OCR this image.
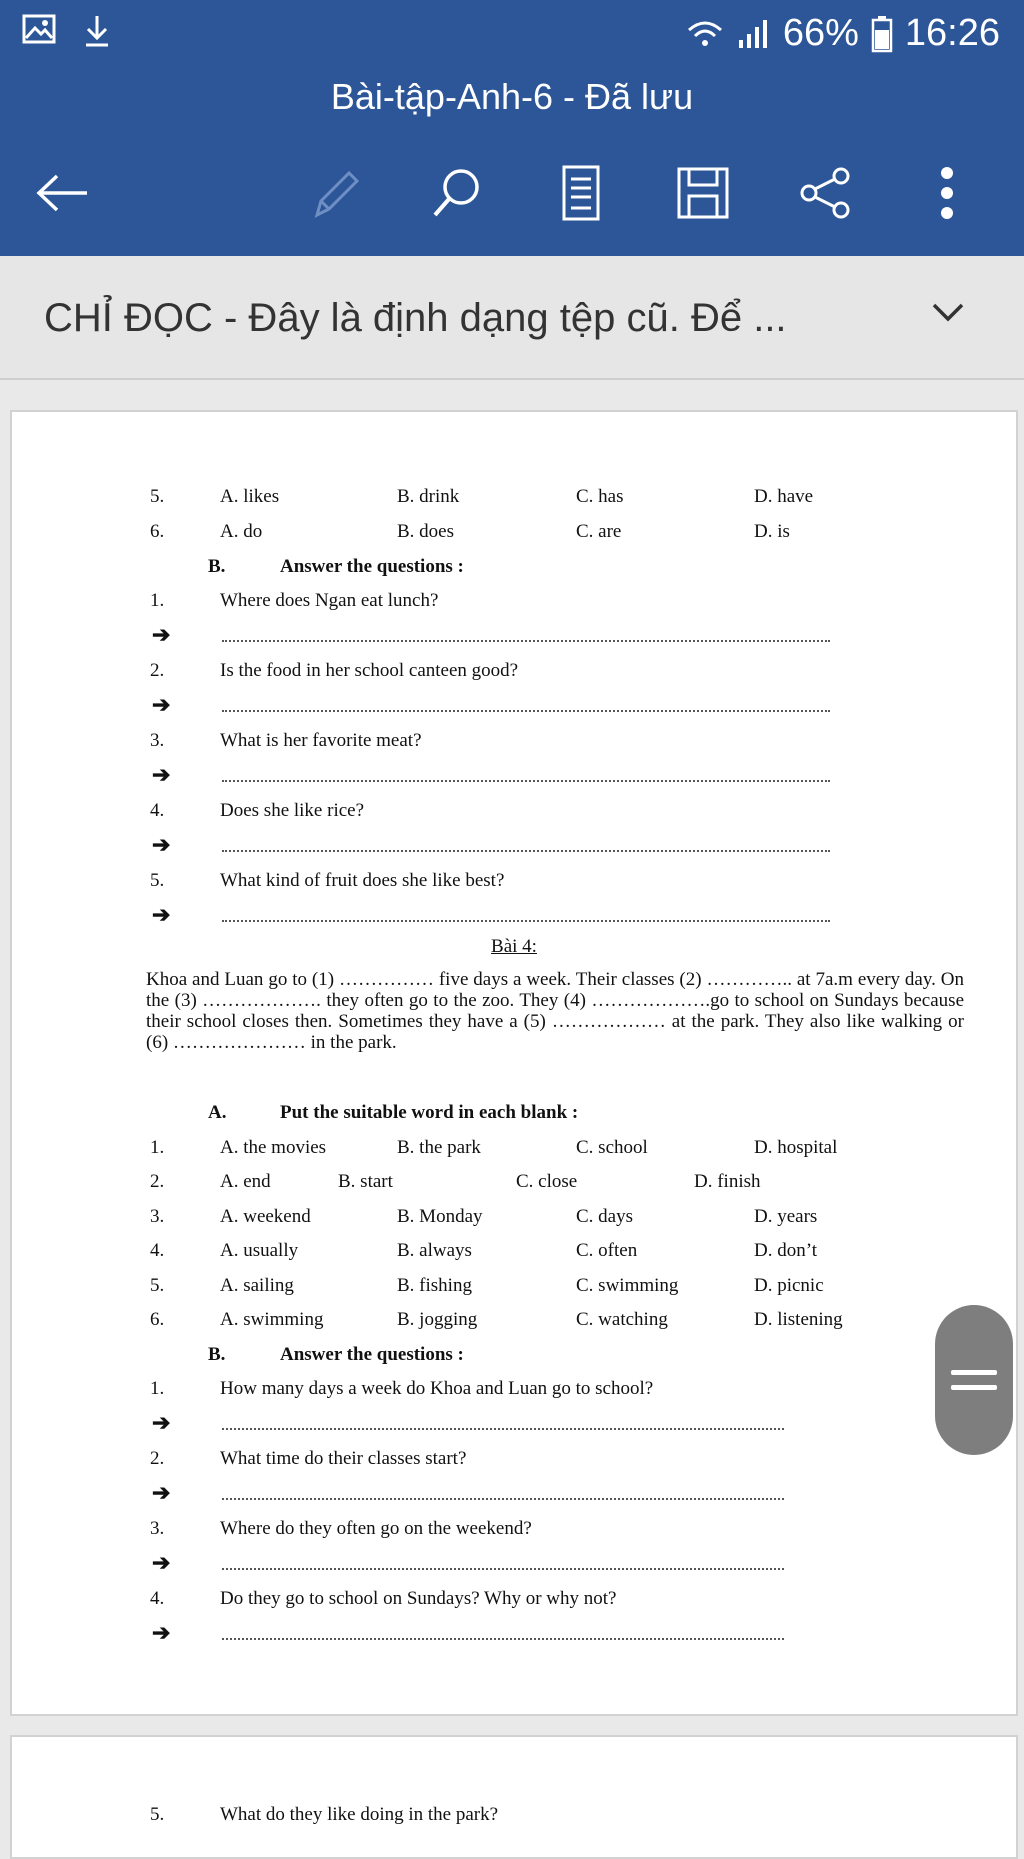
66% 16:26
Bài-tập-Anh-6 - Đã lưu
CHỈ ĐỌC - Đây là định dạng tệp cũ. Để ...
5.	A. likes	B. drink	C. has	D. have
6.	A. do	B. does	C. are	D. is
B.	Answer the questions :
1.	Where does Ngan eat lunch?
➔
2.	Is the food in her school canteen good?
➔
3.	What is her favorite meat?
➔
4.	Does she like rice?
➔
5.	What kind of fruit does she like best?
➔
Bài 4:
Khoa and Luan go to (1) …………… five days a week. Their classes (2) ………….. at 7a.m every day. On the (3) ………………. they often go to the zoo. They (4) ……………….go to school on Sundays because their school closes then. Sometimes they have a (5) ……………… at the park. They also like walking or (6) ………………… in the park.
A.	Put the suitable word in each blank :
1.	A. the movies	B. the park	C. school	D. hospital
2.	A. end	B. start	C. close	D. finish
3.	A. weekend	B. Monday	C. days	D. years
4.	A. usually	B. always	C. often	D. don’t
5.	A. sailing	B. fishing	C. swimming	D. picnic
6.	A. swimming	B. jogging	C. watching	D. listening
B.	Answer the questions :
1.	How many days a week do Khoa and Luan go to school?
➔
2.	What time do their classes start?
➔
3.	Where do they often go on the weekend?
➔
4.	Do they go to school on Sundays? Why or why not?
➔
5.	What do they like doing in the park?
